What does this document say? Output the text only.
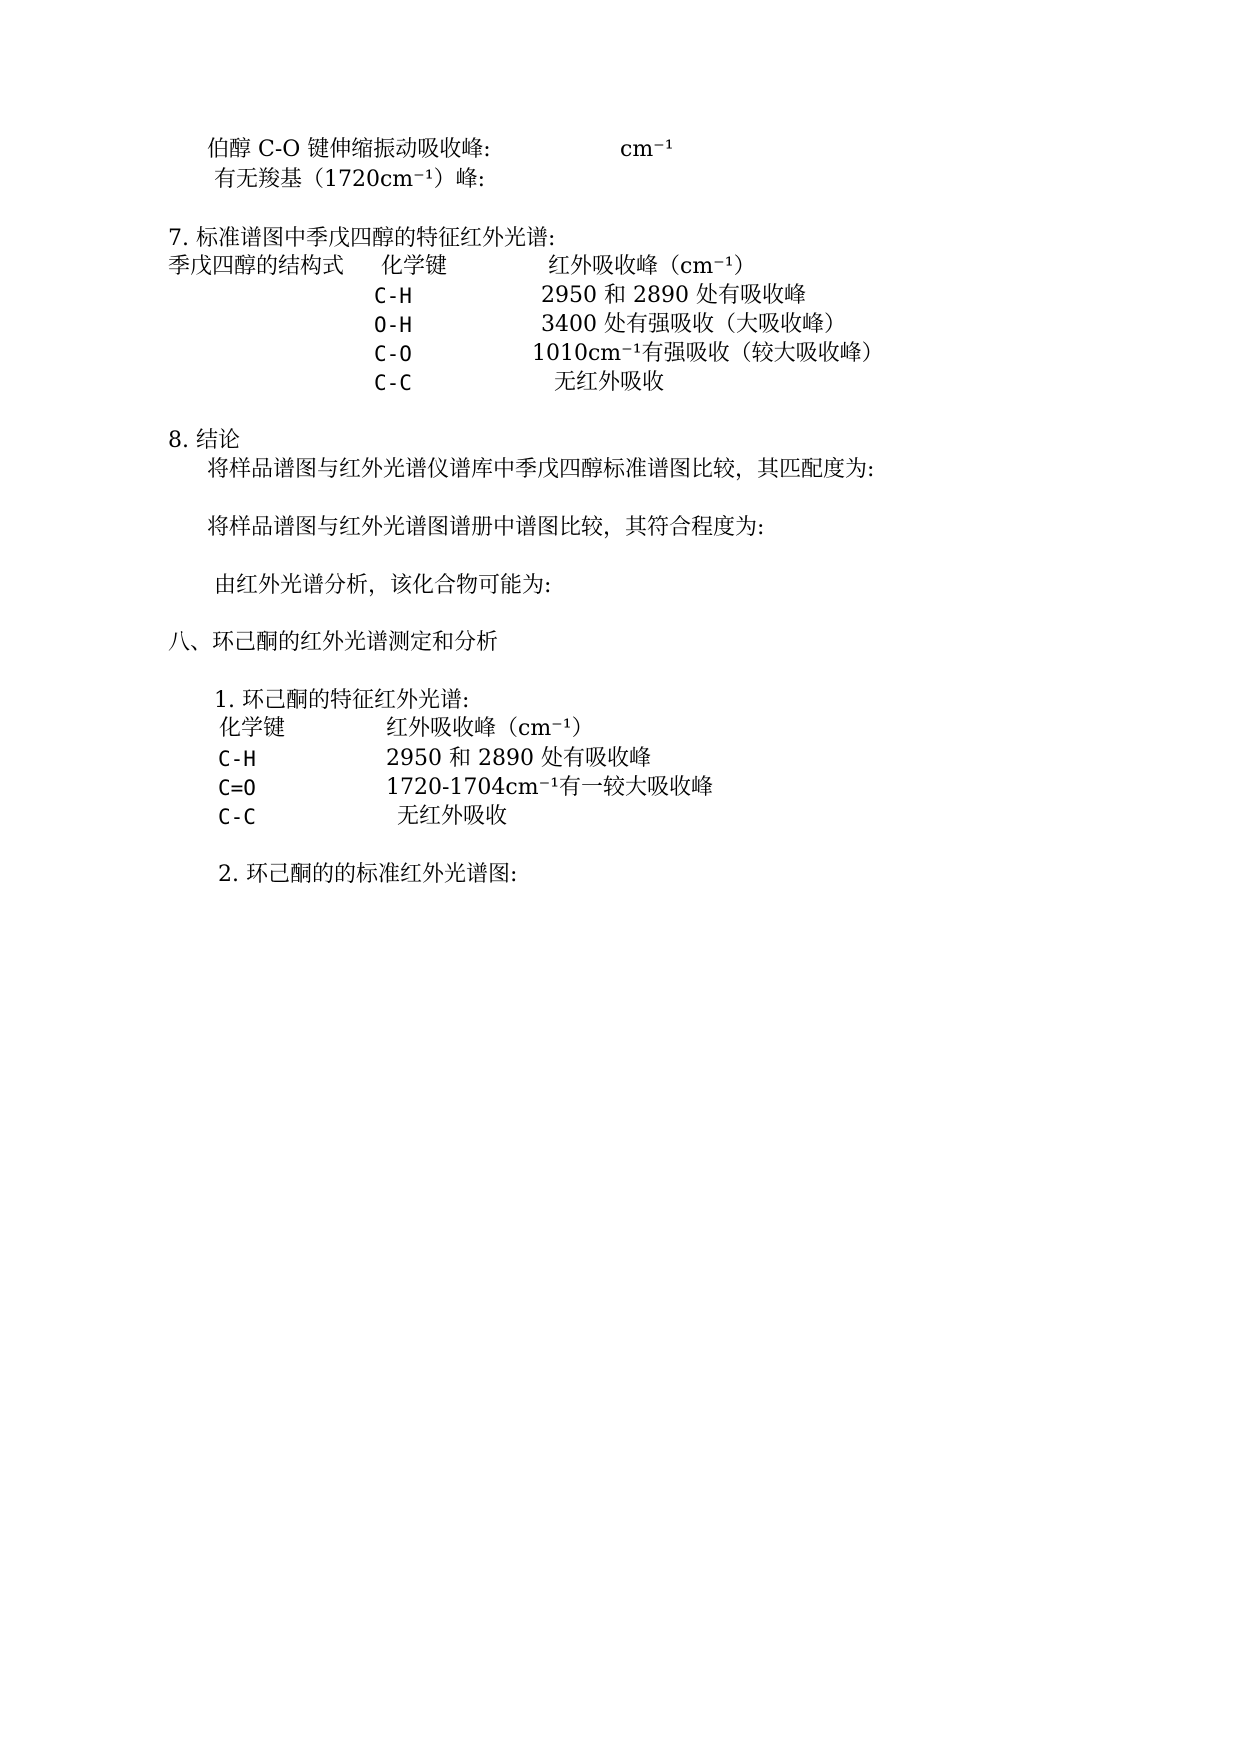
伯醇 C-O 键伸缩振动吸收峰:	cm⁻¹
有无羧基（1720cm⁻¹）峰:
7. 标准谱图中季戊四醇的特征红外光谱:
季戊四醇的结构式 化学键	红外吸收峰（cm⁻¹）
C-H	2950 和 2890 处有吸收峰
O-H	3400 处有强吸收（大吸收峰）
C-O	1010cm⁻¹有强吸收（较大吸收峰）
C-C	无红外吸收
8. 结论
将样品谱图与红外光谱仪谱库中季戊四醇标准谱图比较，其匹配度为:
将样品谱图与红外光谱图谱册中谱图比较，其符合程度为:
由红外光谱分析，该化合物可能为:
八、环己酮的红外光谱测定和分析
1. 环己酮的特征红外光谱:
化学键	红外吸收峰（cm⁻¹）
C-H	2950 和 2890 处有吸收峰
C=O	1720-1704cm⁻¹有一较大吸收峰
C-C	无红外吸收
2. 环己酮的的标准红外光谱图:
